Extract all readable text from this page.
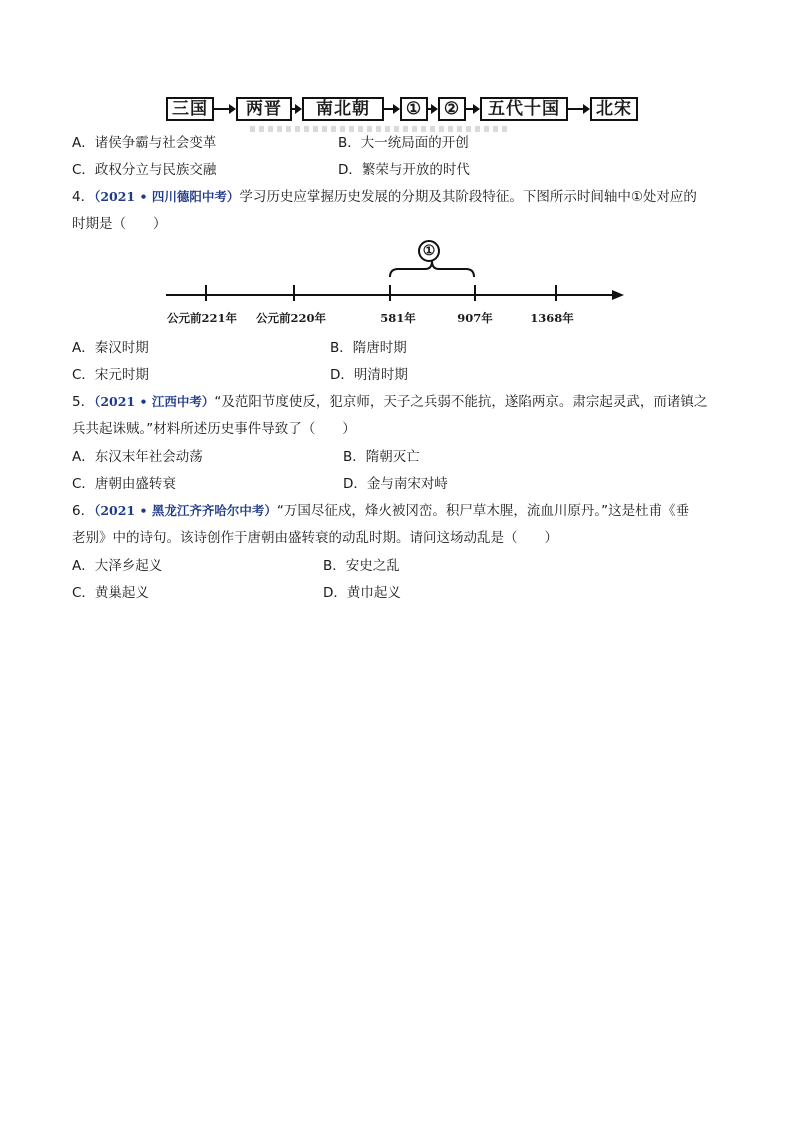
三国	两晋	南北朝	①	②	五代十国	北宋
A．诸侯争霸与社会变革	B．大一统局面的开创
C．政权分立与民族交融	D．繁荣与开放的时代
4．（2021 • 四川德阳中考）学习历史应掌握历史发展的分期及其阶段特征。下图所示时间轴中①处对应的
时期是（　　）
①
公元前221年 公元前220年	581年	907年	1368年
A．秦汉时期	B．隋唐时期
C．宋元时期	D．明清时期
5．（2021 • 江西中考）“及范阳节度使反，犯京师，天子之兵弱不能抗，遂陷两京。肃宗起灵武，而诸镇之
兵共起诛贼。”材料所述历史事件导致了（　　）
A．东汉末年社会动荡	B．隋朝灭亡
C．唐朝由盛转衰	D．金与南宋对峙
6．（2021 • 黑龙江齐齐哈尔中考）“万国尽征戍，烽火被冈峦。积尸草木腥，流血川原丹。”这是杜甫《垂
老别》中的诗句。该诗创作于唐朝由盛转衰的动乱时期。请问这场动乱是（　　）
A．大泽乡起义	B．安史之乱
C．黄巢起义	D．黄巾起义
